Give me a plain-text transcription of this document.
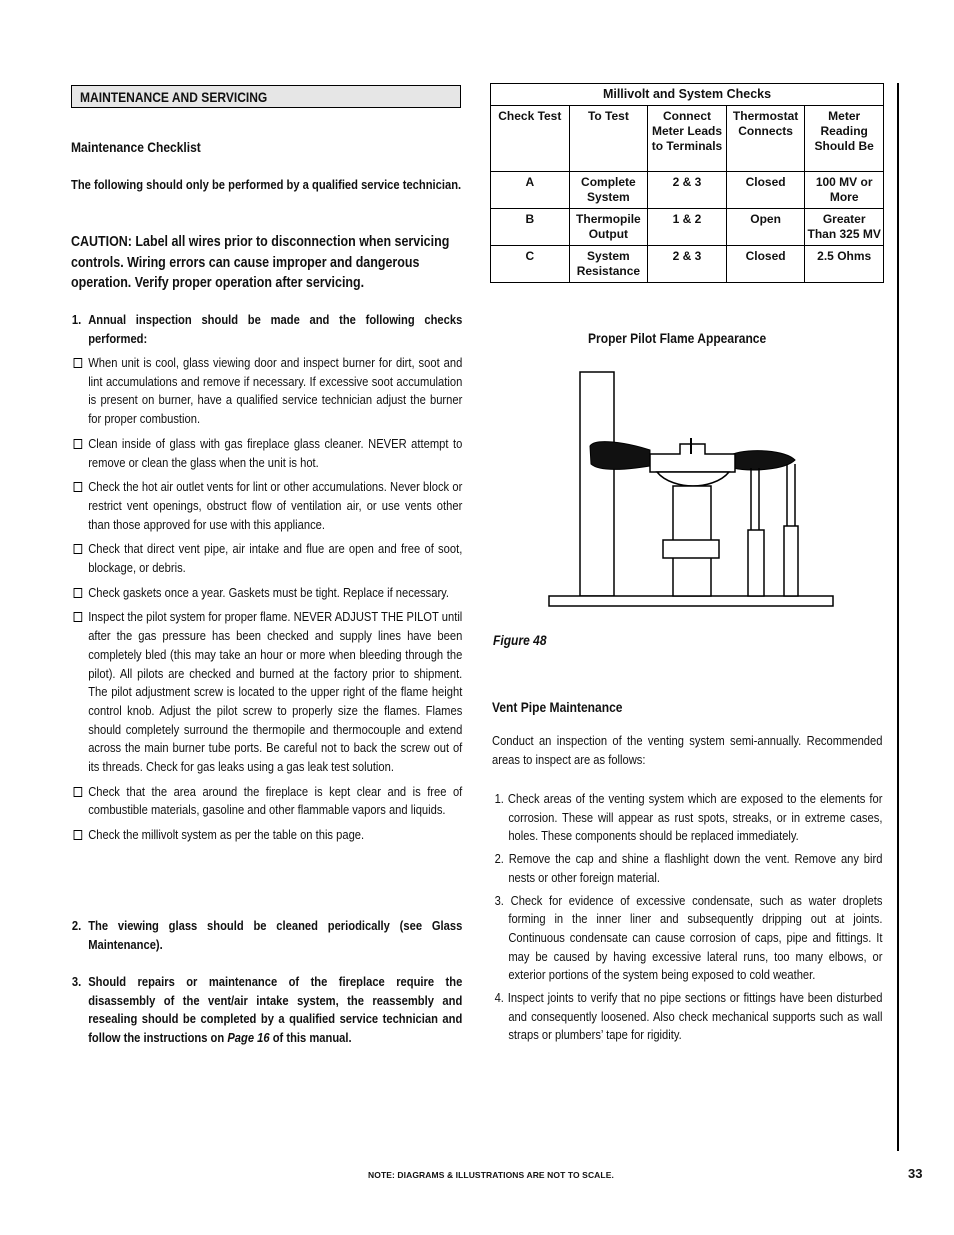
MAINTENANCE AND SERVICING
Maintenance Checklist
The following should only be performed by a qualified service technician.
CAUTION: Label all wires prior to disconnection when servicing controls. Wiring errors can cause improper and dangerous operation. Verify proper operation after servicing.
1. Annual inspection should be made and the following checks performed:
When unit is cool, glass viewing door and inspect burner for dirt, soot and lint accumulations and remove if necessary. If excessive soot accumulation is present on burner, have a qualified service technician adjust the burner for proper combustion.
Clean inside of glass with gas fireplace glass cleaner. NEVER attempt to remove or clean the glass when the unit is hot.
Check the hot air outlet vents for lint or other accumulations. Never block or restrict vent openings, obstruct flow of ventilation air, or use vents other than those approved for use with this appliance.
Check that direct vent pipe, air intake and flue are open and free of soot, blockage, or debris.
Check gaskets once a year. Gaskets must be tight. Replace if necessary.
Inspect the pilot system for proper flame. NEVER ADJUST THE PILOT until after the gas pressure has been checked and supply lines have been completely bled (this may take an hour or more when bleeding through the pilot). All pilots are checked and burned at the factory prior to shipment. The pilot adjustment screw is located to the upper right of the flame height control knob. Adjust the pilot screw to properly size the flames. Flames should completely surround the thermopile and thermocouple and extend across the main burner tube ports. Be careful not to back the screw out of its threads. Check for gas leaks using a gas leak test solution.
Check that the area around the fireplace is kept clear and is free of combustible materials, gasoline and other flammable vapors and liquids.
Check the millivolt system as per the table on this page.
2. The viewing glass should be cleaned periodically (see Glass Maintenance).
3. Should repairs or maintenance of the fireplace require the disassembly of the vent/air intake system, the reassembly and resealing should be completed by a qualified service technician and follow the instructions on Page 16 of this manual.
Millivolt and System Checks				
Check Test	To Test	Connect Meter Leads to Terminals	Thermostat Connects	Meter Reading Should Be
A	Complete System	2 & 3	Closed	100 MV or More
B	Thermopile Output	1 & 2	Open	Greater Than 325 MV
C	System Resistance	2 & 3	Closed	2.5 Ohms
Proper Pilot Flame Appearance
Figure 48
Vent Pipe Maintenance
Conduct an inspection of the venting system semi-annually. Recommended areas to inspect are as follows:
1. Check areas of the venting system which are exposed to the elements for corrosion. These will appear as rust spots, streaks, or in extreme cases, holes. These components should be replaced immediately.
2. Remove the cap and shine a flashlight down the vent. Remove any bird nests or other foreign material.
3. Check for evidence of excessive condensate, such as water droplets forming in the inner liner and subsequently dripping out at joints. Continuous condensate can cause corrosion of caps, pipe and fittings. It may be caused by having excessive lateral runs, too many elbows, or exterior portions of the system being exposed to cold weather.
4. Inspect joints to verify that no pipe sections or fittings have been disturbed and consequently loosened. Also check mechanical supports such as wall straps or plumbers’ tape for rigidity.
NOTE: DIAGRAMS & ILLUSTRATIONS ARE NOT TO SCALE.	33
